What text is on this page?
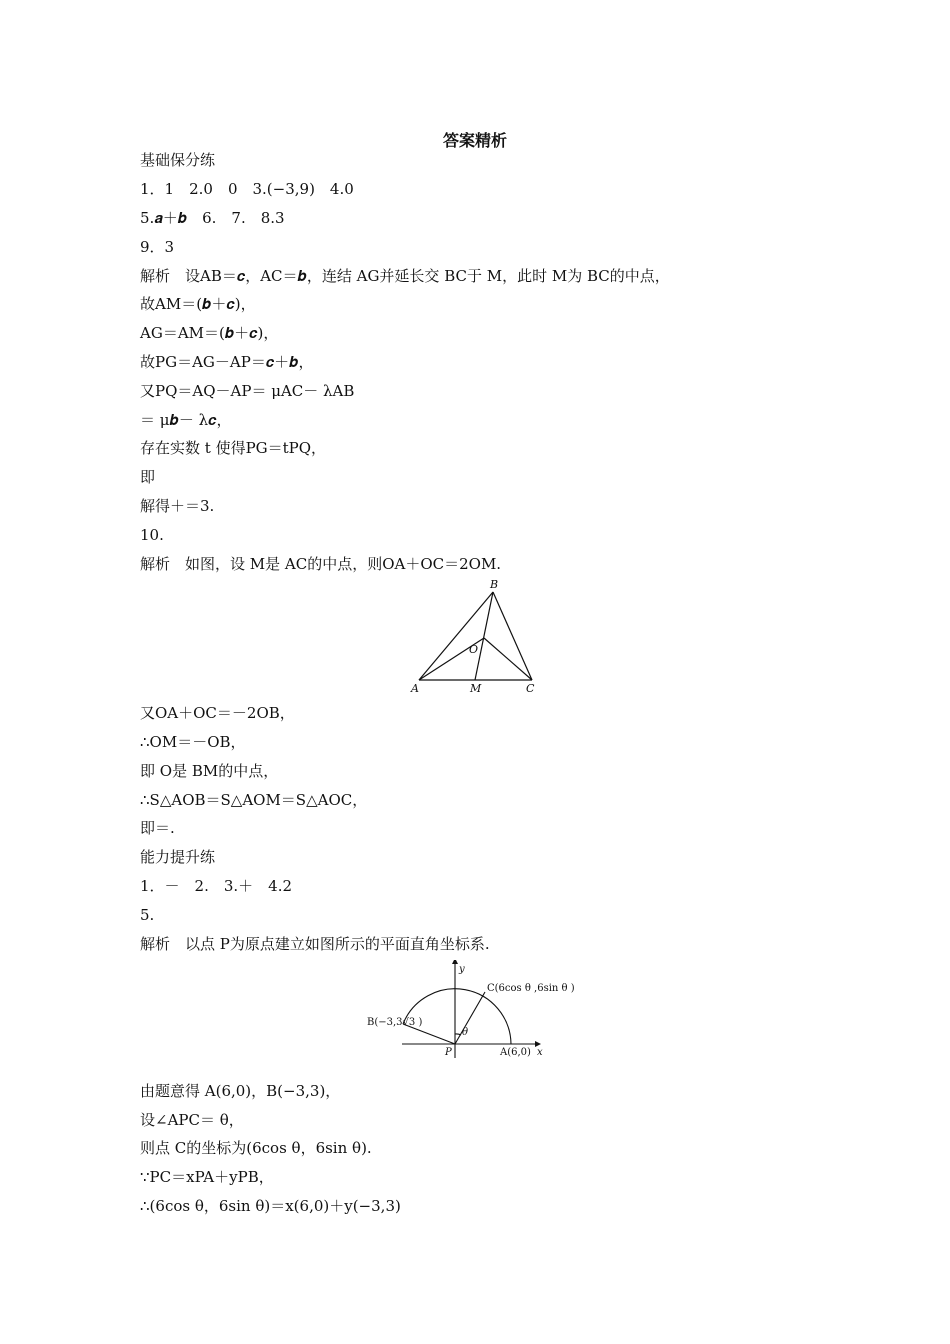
答案精析
基础保分练
1．1　2.0　0　3.(−3,9)　4.0
5.𝒂＋𝒃　6.　7.　8.3
9．3
解析　设AB＝𝒄，AC＝𝒃，连结 AG并延长交 BC于 M，此时 M为 BC的中点，
故AM＝(𝒃＋𝒄)，
AG＝AM＝(𝒃＋𝒄)，
故PG＝AG－AP＝𝒄＋𝒃，
又PQ＝AQ－AP＝ μAC－ λAB
＝ μ𝒃－ λ𝒄，
存在实数 t 使得PG＝tPQ，
即
解得＋＝3.
10.
解析　如图，设 M是 AC的中点，则OA＋OC＝2OM.
A
B
C
M
O
又OA＋OC＝－2OB，
∴OM＝－OB，
即 O是 BM的中点，
∴S△AOB＝S△AOM＝S△AOC，
即＝.
能力提升练
1．－　2.　3.＋　4.2
5.
解析　以点 P为原点建立如图所示的平面直角坐标系.
y
x
C(6cos θ ,6sin θ )
B(−3,3√3 )
P
θ
A(6,0)
由题意得 A(6,0)，B(−3,3)，
设∠APC＝ θ，
则点 C的坐标为(6cos θ，6sin θ).
∵PC＝xPA＋yPB，
∴(6cos θ，6sin θ)＝x(6,0)＋y(−3,3)
